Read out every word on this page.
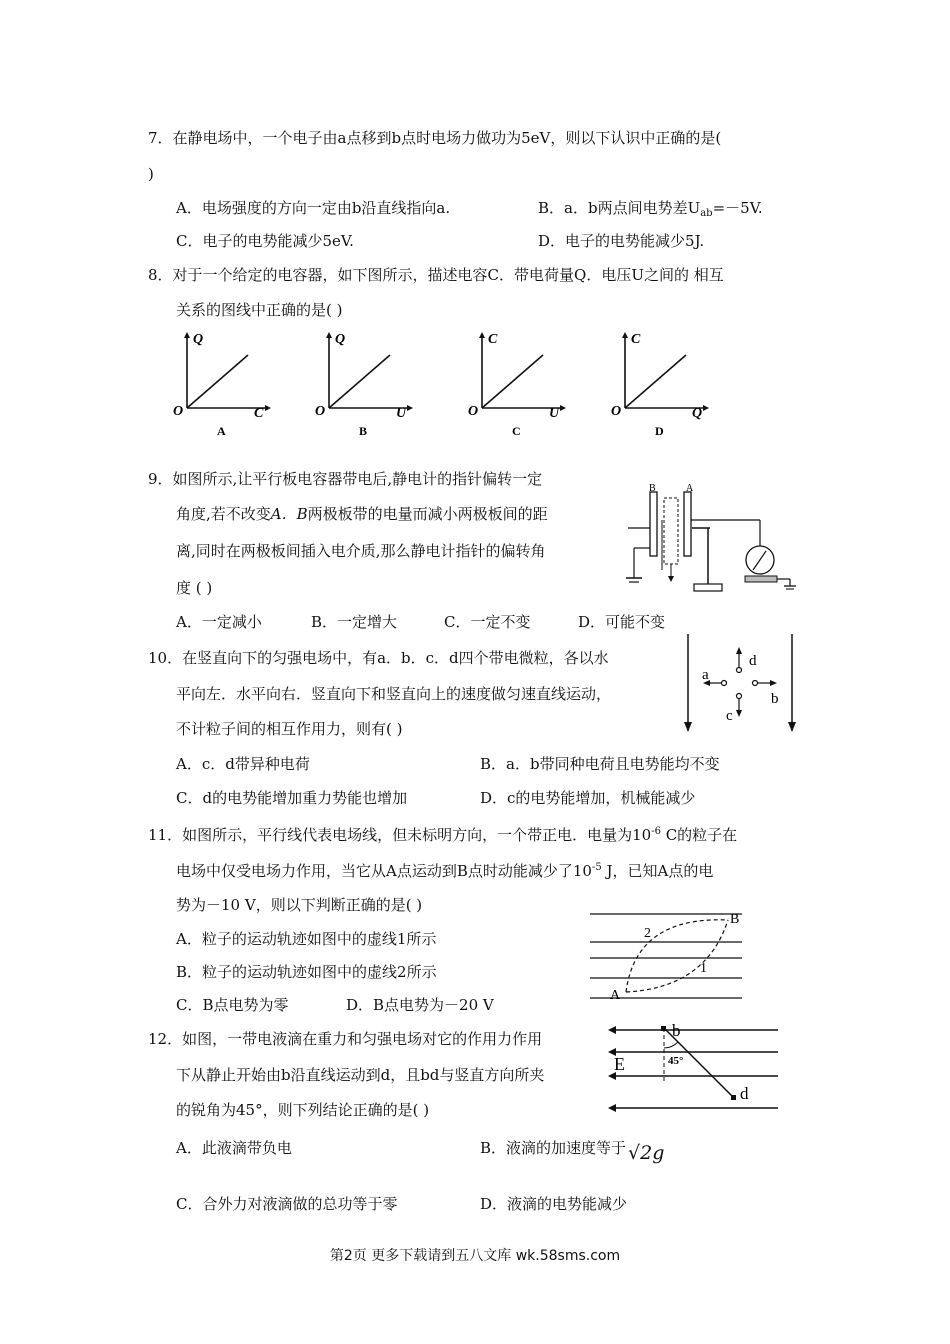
7．在静电场中，一个电子由a点移到b点时电场力做功为5eV，则以下认识中正确的是(
)
A．电场强度的方向一定由b沿直线指向a.	B．a．b两点间电势差$U_{ab}=-5V$.
C．电子的电势能减少5eV.	D．电子的电势能减少5J.
8．对于一个给定的电容器，如下图所示，描述电容C．带电荷量Q．电压U之间的 相互
关系的图线中正确的是( )
Q
O	C
A
Q
O	U
B
C
O	U
C
C
O	Q
D
9．如图所示,让平行板电容器带电后,静电计的指针偏转一定
角度,若不改变A．B两极板带的电量而减小两极板间的距
离,同时在两极板间插入电介质,那么静电计指针的偏转角
度 ( )
A．一定减小	B．一定增大	C．一定不变	D．可能不变
B	A
10．在竖直向下的匀强电场中，有a．b．c．d四个带电微粒，各以水
平向左．水平向右．竖直向下和竖直向上的速度做匀速直线运动，
不计粒子间的相互作用力，则有( )
A．c．d带异种电荷	B．a．b带同种电荷且电势能均不变
C．d的电势能增加重力势能也增加	D．c的电势能增加，机械能减少
d
a
b
c
11．如图所示，平行线代表电场线，但未标明方向，一个带正电．电量为$10^{-6}$ C的粒子在
电场中仅受电场力作用，当它从A点运动到B点时动能减少了$10^{-5}$ J，已知A点的电
势为－10 V，则以下判断正确的是( )
A．粒子的运动轨迹如图中的虚线1所示
B．粒子的运动轨迹如图中的虚线2所示
C．B点电势为零	D．B点电势为－20 V
A
B
2
1
12．如图，一带电液滴在重力和匀强电场对它的作用力作用
下从静止开始由b沿直线运动到d，且bd与竖直方向所夹
的锐角为45°，则下列结论正确的是( )
A．此液滴带负电	B．液滴的加速度等于 √2g
C．合外力对液滴做的总功等于零	D．液滴的电势能减少
E
b
d
45°
第2页 更多下载请到五八文库 wk.58sms.com
